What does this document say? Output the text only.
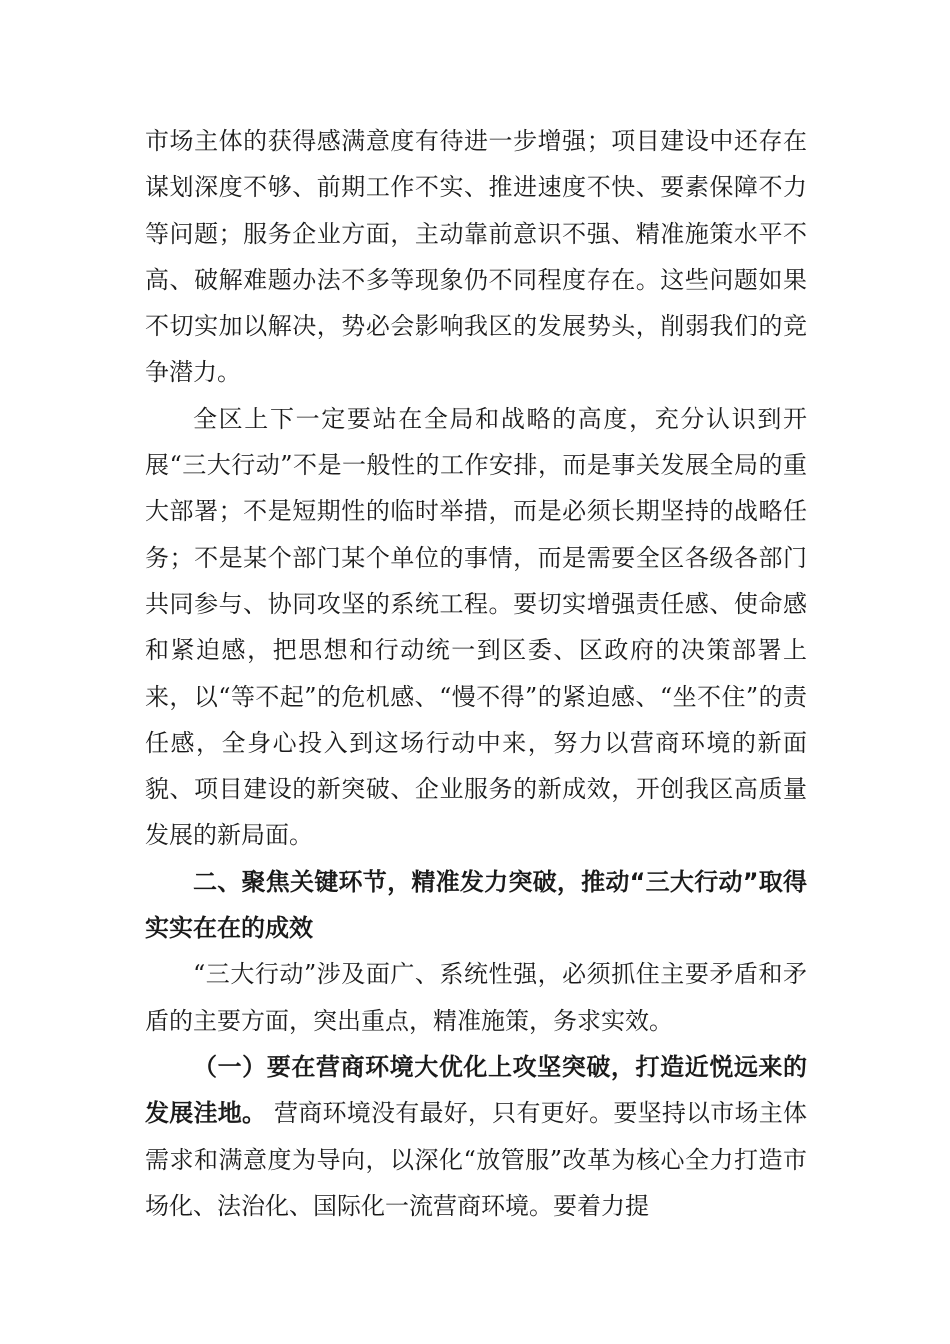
市场主体的获得感满意度有待进一步增强；项目建设中还存在谋划深度不够、前期工作不实、推进速度不快、要素保障不力等问题；服务企业方面，主动靠前意识不强、精准施策水平不高、破解难题办法不多等现象仍不同程度存在。这些问题如果不切实加以解决，势必会影响我区的发展势头，削弱我们的竞争潜力。

全区上下一定要站在全局和战略的高度，充分认识到开展“三大行动”不是一般性的工作安排，而是事关发展全局的重大部署；不是短期性的临时举措，而是必须长期坚持的战略任务；不是某个部门某个单位的事情，而是需要全区各级各部门共同参与、协同攻坚的系统工程。要切实增强责任感、使命感和紧迫感，把思想和行动统一到区委、区政府的决策部署上来，以“等不起”的危机感、“慢不得”的紧迫感、“坐不住”的责任感，全身心投入到这场行动中来，努力以营商环境的新面貌、项目建设的新突破、企业服务的新成效，开创我区高质量发展的新局面。

二、聚焦关键环节，精准发力突破，推动“三大行动”取得实实在在的成效

“三大行动”涉及面广、系统性强，必须抓住主要矛盾和矛盾的主要方面，突出重点，精准施策，务求实效。

（一）要在营商环境大优化上攻坚突破，打造近悦远来的发展洼地。 营商环境没有最好，只有更好。要坚持以市场主体需求和满意度为导向，以深化“放管服”改革为核心全力打造市场化、法治化、国际化一流营商环境。要着力提
